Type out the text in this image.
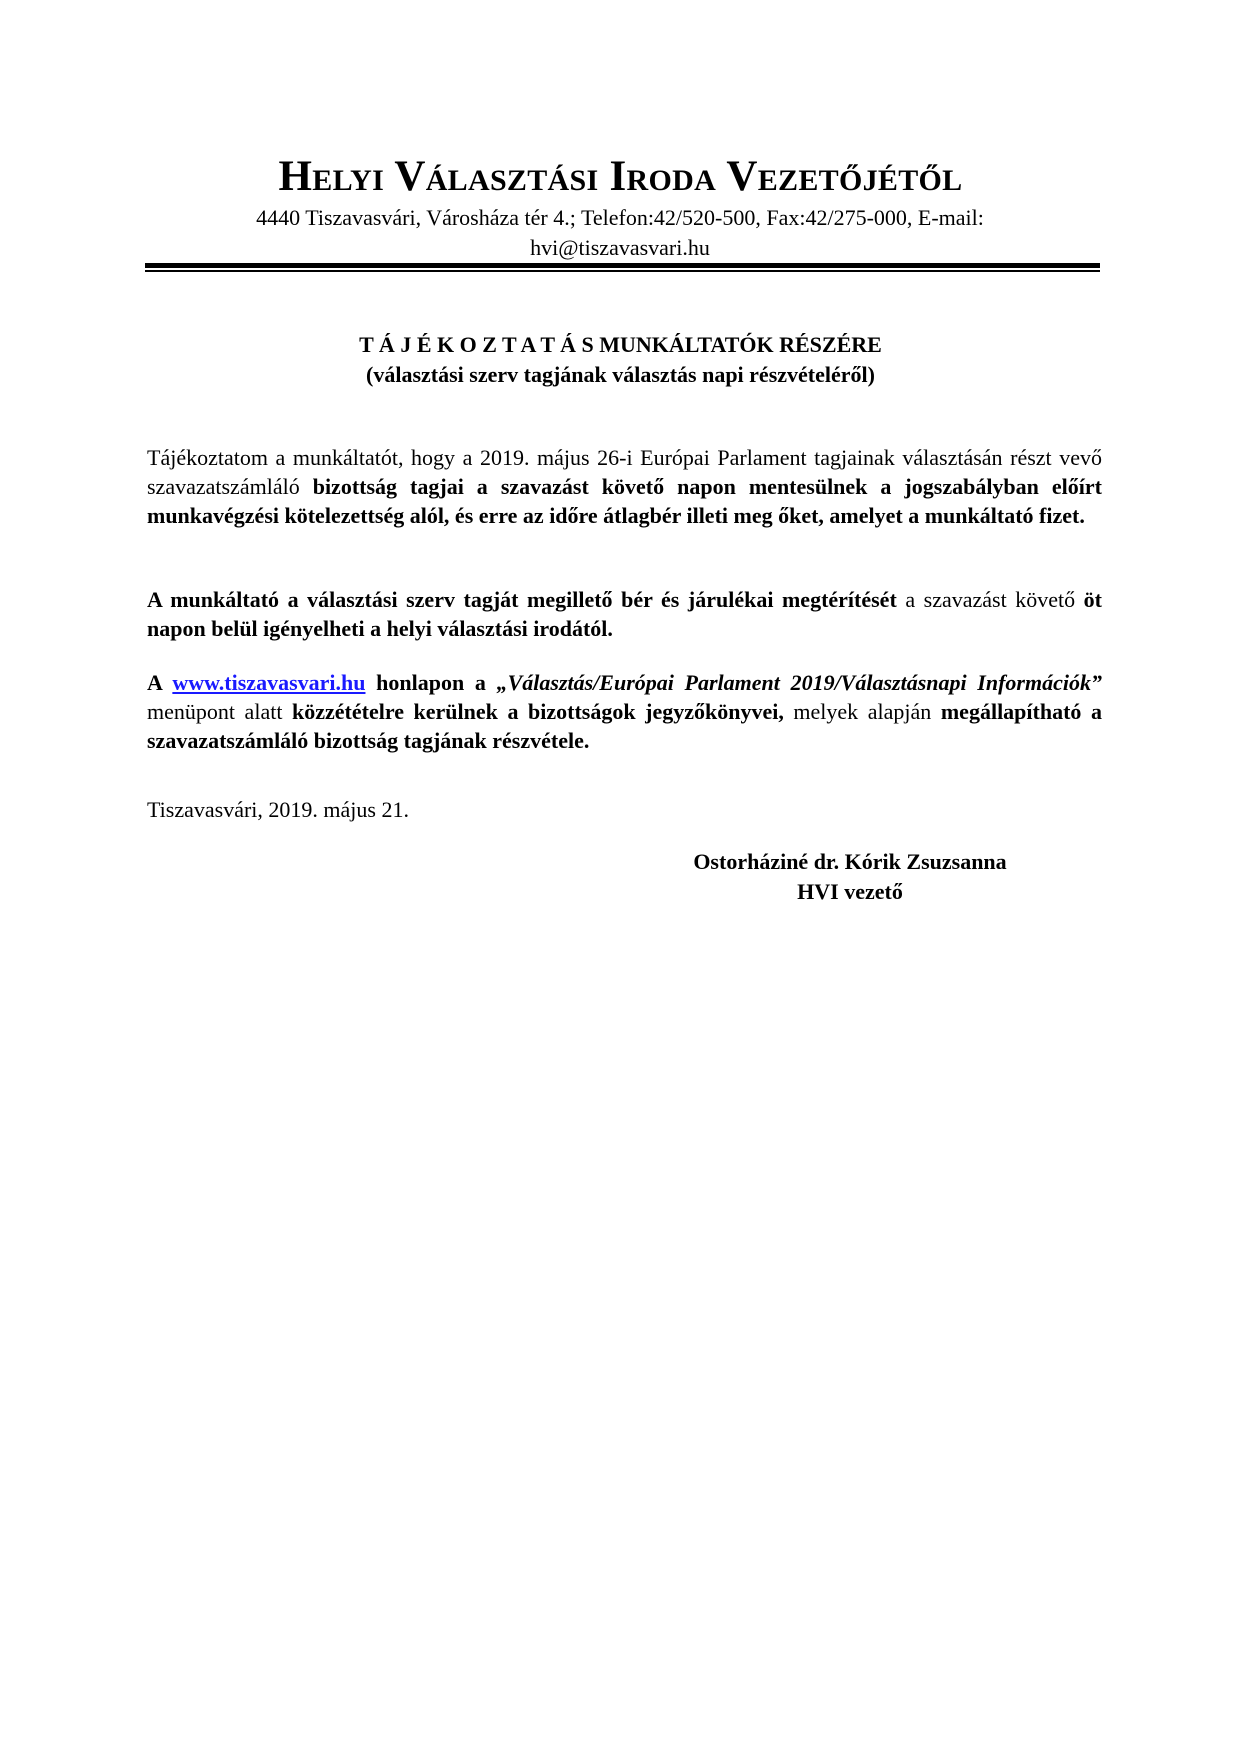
Helyi Választási Iroda Vezetőjétől
4440 Tiszavasvári, Városháza tér 4.; Telefon:42/520-500, Fax:42/275-000, E-mail:
hvi@tiszavasvari.hu
T Á J É K O Z T A T Á S MUNKÁLTATÓK RÉSZÉRE
(választási szerv tagjának választás napi részvételéről)
Tájékoztatom a munkáltatót, hogy a 2019. május 26-i Európai Parlament tagjainak választásán részt vevő szavazatszámláló bizottság tagjai a szavazást követő napon mentesülnek a jogszabályban előírt munkavégzési kötelezettség alól, és erre az időre átlagbér illeti meg őket, amelyet a munkáltató fizet.
A munkáltató a választási szerv tagját megillető bér és járulékai megtérítését a szavazást követő öt napon belül igényelheti a helyi választási irodától.
A www.tiszavasvari.hu honlapon a „Választás/Európai Parlament 2019/Választásnapi Információk” menüpont alatt közzétételre kerülnek a bizottságok jegyzőkönyvei, melyek alapján megállapítható a szavazatszámláló bizottság tagjának részvétele.
Tiszavasvári, 2019. május 21.
Ostorháziné dr. Kórik Zsuzsanna
HVI vezető
